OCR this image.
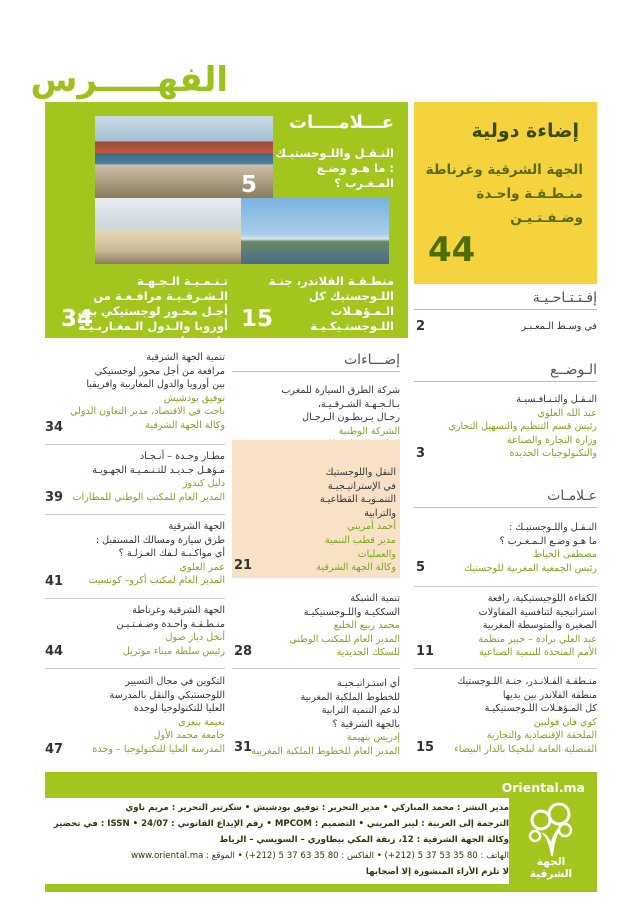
الفهـــــرس
إضاءة دولية
الجهة الشرقية وغرناطة منـطـقـة واحـدة وضـفـتـيـن
44
عـــلامــــات
النـقـل واللـوجستيـك : ما هـو وضـع المـغـرب ؟
5
منطـقـة الفلاندر، جنـة اللـوجستيك كل الـمـؤهـلات اللـوجستـيكـيـة
15
تـنـمـيـة الـجـهـة الـشـرقـيـة مرافـعـة من أجـل محـور لوجستيكي بين أوروبا والـدول الـمغـاربـيـة وافريقيا
34
إفـتـتـاحـيـة
في وسـط الـمعـبـر
2
الـوضــع
النـقـل والتـنـافـسيـة
عبد الله العلوي
رئيس قسم التنظيم والتسهيل التجاري
وزارة التجارة والصناعة
والتكنولوجيات الجديدة
3
عـلامـات
النـقـل واللـوجستيـك :
ما هـو وضـع الـمـغـرب ؟
مصطفى الخياط
رئيس الجمعية المغربية للوجستيك
5
الكفاءة اللوجيستيكية، رافعة
استراتيجية لتنافسية المقاولات
الصغيرة والمتوسطة المغربية
عبد العلي برادة – خبير منظمة
الأمم المتحدة للتنمية الصناعية
11
منـطقـة الفـلانـدر، جنـة اللـوجستيك
منطقة الفلاندر بين يديها
كل المـؤهـلات اللـوجستيكيـة
كوي فان فولبين
الملحقة الإقتصادية والتجارية
القنصلية العامة لبلجيكا بالدار البيضاء
15
إضـــاءات
شركة الطرق السيارة للمغرب
بـالـجـهـة الشـرقـيـة،
رجـال يـربطـون الـرجـال
الشركة الوطنية
النقل واللوجستيك
في الإستراتيـجيـة
التنمـويـة القطاعيـة
والترابية
أحمد أمريني
مدير قطب التنمية
والعمليات
وكالة الجهة الشرقية
21
تنمية الشبكة
السككيـة واللـوجستيكيـة
محمد ربيع الخليع
المدير العام للمكتب الوطني
للسكك الحديدية
28
أي استـراتيـجيـة
للخطوط الملكية المغربية
لدعم التنمية الترابية
بالجهة الشرقية ؟
إدريس بنهيمة
المدير العام للخطوط الملكية المغربية
31
تنمية الجهة الشرقية
مرافعة من أجل محور لوجستيكي
بين أوروبا والدول المغاربية وافريقيا
توفيق بودشيش
باحث في الاقتصاد، مدير التعاون الدولي
وكالة الجهة الشرقية
34
مطـار وجـدة – أنـجـاد
مـؤهـل جـديـد للتـنـمـيـة الجهـويـة
دليل كندوز
المدير العام للمكتب الوطني للمطارات
39
الجهة الشرقية
طرق سيارة ومسالك المستقبل :
أي مواكـبـة لـفك العـزلـة ؟
عمر العلوي
المدير العام لمكتب أكرو– كونسيت
41
الجهة الشرقية وغرناطة
منـطـقـة واحـدة وضـفـتـيـن
أنخل دياز صول
رئيس سلطة ميناء موتريل
44
التكوين في مجال التسيير
اللوجستيكي والنقل بالمدرسة
العليا للتكنولوجيا لوجدة
نعيمة بنعزي
جامعة محمد الأول
المدرسة العليا للتكنولوجيا – وجدة
47
Oriental.ma
مدير النشر : محمد المباركي • مدير التحرير : توفيق بودشيش • سكرتير التحرير : مريم ناوي
الترجمة إلى العربية : ليبر المريني • التصميم : MPCOM • رقم الإيداع القانوني : 24/07 • ISSN : في تحضير
وكالة الجهة الشرقية : 12، زنقة المكي بيطاوري – السويسي – الرباط
الهاتف : 80 35 53 37 5 (212+) • الفاكس : 80 35 63 37 5 (212+) • الموقع : www.oriental.ma
لا تلزم الأراء المنشورة إلا أصحابها
الجهة الشرقية
